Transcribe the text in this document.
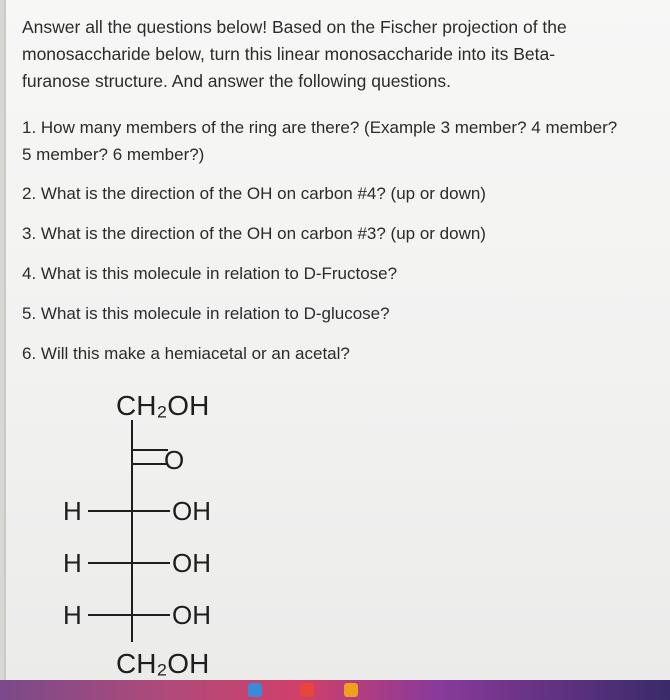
Answer all the questions below! Based on the Fischer projection of the monosaccharide below, turn this linear monosaccharide into its Beta-furanose structure. And answer the following questions.
1. How many members of the ring are there? (Example 3 member? 4 member? 5 member? 6 member?)
2. What is the direction of the OH on carbon #4? (up or down)
3. What is the direction of the OH on carbon #3? (up or down)
4. What is this molecule in relation to D-Fructose?
5. What is this molecule in relation to D-glucose?
6. Will this make a hemiacetal or an acetal?
CH₂OH
O
H
H
H
OH
OH
OH
CH₂OH
